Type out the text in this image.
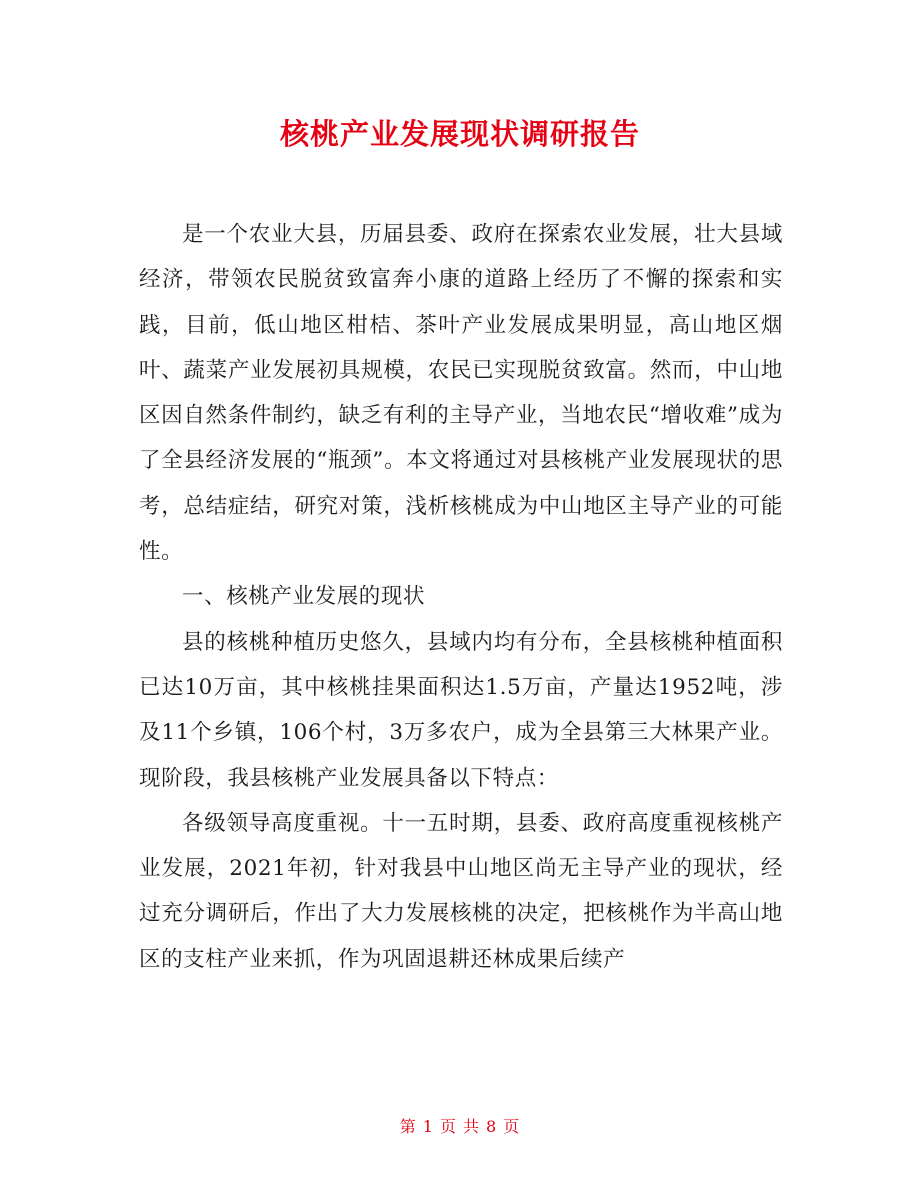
核桃产业发展现状调研报告

是一个农业大县，历届县委、政府在探索农业发展，壮大县域经济，带领农民脱贫致富奔小康的道路上经历了不懈的探索和实践，目前，低山地区柑桔、茶叶产业发展成果明显，高山地区烟叶、蔬菜产业发展初具规模，农民已实现脱贫致富。然而，中山地区因自然条件制约，缺乏有利的主导产业，当地农民“增收难”成为了全县经济发展的“瓶颈”。本文将通过对县核桃产业发展现状的思考，总结症结，研究对策，浅析核桃成为中山地区主导产业的可能性。

一、核桃产业发展的现状

县的核桃种植历史悠久，县域内均有分布，全县核桃种植面积已达10万亩，其中核桃挂果面积达1.5万亩，产量达1952吨，涉及11个乡镇，106个村，3万多农户，成为全县第三大林果产业。现阶段，我县核桃产业发展具备以下特点：

各级领导高度重视。十一五时期，县委、政府高度重视核桃产业发展，2021年初，针对我县中山地区尚无主导产业的现状，经过充分调研后，作出了大力发展核桃的决定，把核桃作为半高山地区的支柱产业来抓，作为巩固退耕还林成果后续产

第 1 页 共 8 页
